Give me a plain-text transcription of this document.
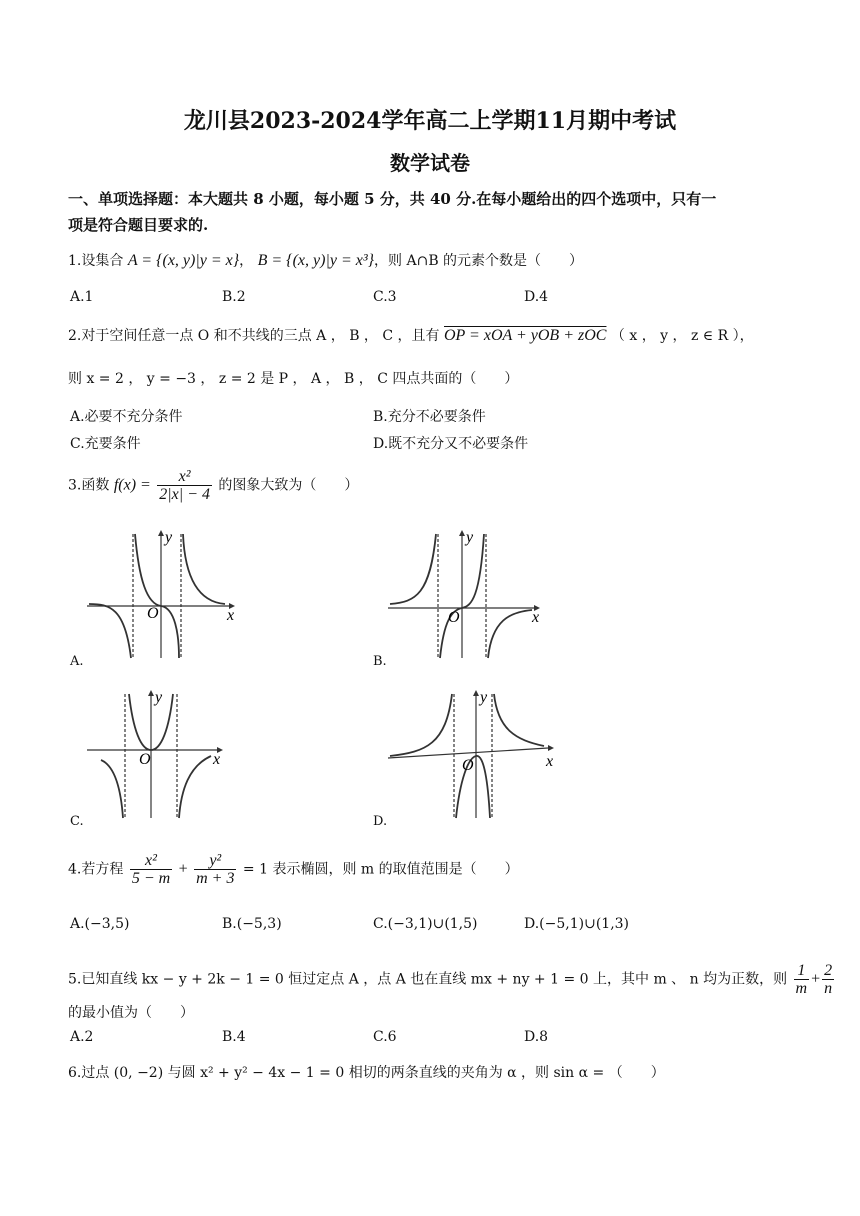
龙川县2023-2024学年高二上学期11月期中考试
数学试卷
一、单项选择题：本大题共 8 小题，每小题 5 分，共 40 分.在每小题给出的四个选项中，只有一
项是符合题目要求的.
1.设集合 A = {(x, y)|y = x}， B = {(x, y)|y = x³}，则 A∩B 的元素个数是（　　）
A.1	B.2	C.3	D.4
2.对于空间任意一点 O 和不共线的三点 A ， B ， C ，且有 OP = xOA + yOB + zOC （ x ， y ， z ∈ R ），
则 x = 2 ， y = −3 ， z = 2 是 P ， A ， B ， C 四点共面的（　　）
A.必要不充分条件	B.充分不必要条件
C.充要条件	D.既不充分又不必要条件
3.函数 $f(x) = \frac{\text{x²}}{2|x| - 4}$ 的图象大致为（　　）
y
x
O
A.
y
x
O
B.
y
x
O
C.
y
x
O
D.
4.若方程 $\frac{\text{x²}}{5 - m} + \frac{\text{y²}}{m + 3} = 1$ 表示椭圆，则 m 的取值范围是（　　）
A.(−3,5)	B.(−5,3)	C.(−3,1)∪(1,5)	D.(−5,1)∪(1,3)
5.已知直线 kx − y + 2k − 1 = 0 恒过定点 A ，点 A 也在直线 mx + ny + 1 = 0 上，其中 m 、 n 均为正数，则 $\frac{1}{m} + \frac{2}{n}$
的最小值为（　　）
A.2	B.4	C.6	D.8
6.过点 (0, −2) 与圆 x² + y² − 4x − 1 = 0 相切的两条直线的夹角为 α ，则 sin α = （　　）
